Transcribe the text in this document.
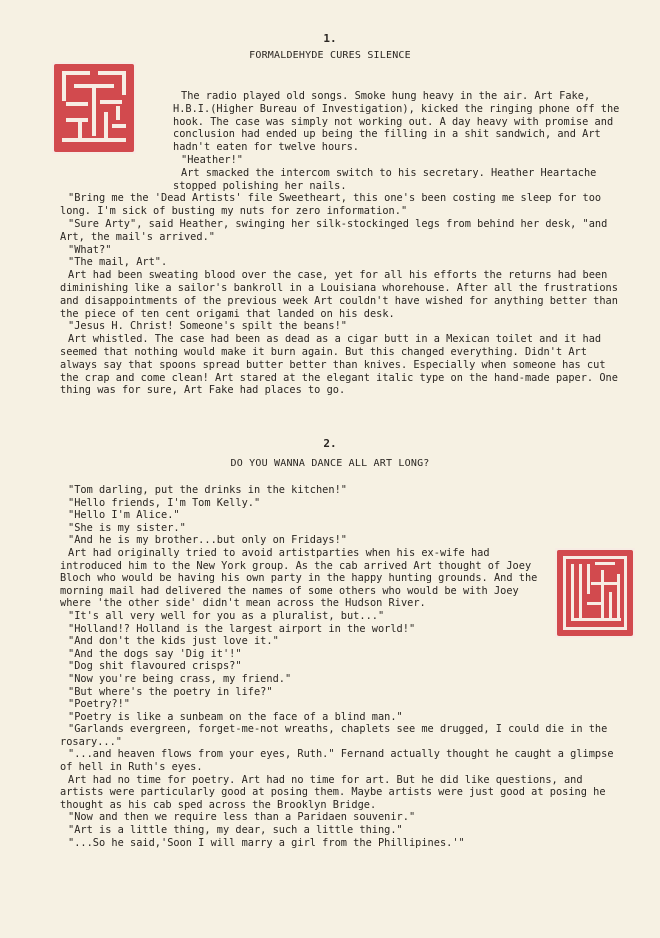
1.
FORMALDEHYDE CURES SILENCE

The radio played old songs. Smoke hung heavy in the air. Art Fake, H.B.I.(Higher Bureau of Investigation), kicked the ringing phone off the hook. The case was simply not working out. A day heavy with promise and conclusion had ended up being the filling in a shit sandwich, and Art hadn't eaten for twelve hours.

"Heather!"

Art smacked the intercom switch to his secretary. Heather Heartache stopped polishing her nails.

"Bring me the 'Dead Artists' file Sweetheart, this one's been costing me sleep for too long. I'm sick of busting my nuts for zero information."

"Sure Arty", said Heather, swinging her silk-stockinged legs from behind her desk, "and Art, the mail's arrived."

"What?"

"The mail, Art".

Art had been sweating blood over the case, yet for all his efforts the returns had been diminishing like a sailor's bankroll in a Louisiana whorehouse. After all the frustrations and disappointments of the previous week Art couldn't have wished for anything better than the piece of ten cent origami that landed on his desk.

"Jesus H. Christ! Someone's spilt the beans!"

Art whistled. The case had been as dead as a cigar butt in a Mexican toilet and it had seemed that nothing would make it burn again. But this changed everything. Didn't Art always say that spoons spread butter better than knives. Especially when someone has cut the crap and come clean! Art stared at the elegant italic type on the hand-made paper. One thing was for sure, Art Fake had places to go.

2.
DO YOU WANNA DANCE ALL ART LONG?

"Tom darling, put the drinks in the kitchen!"

"Hello friends, I'm Tom Kelly."

"Hello I'm Alice."

"She is my sister."

"And he is my brother...but only on Fridays!"

Art had originally tried to avoid artistparties when his ex-wife had introduced him to the New York group. As the cab arrived Art thought of Joey Bloch who would be having his own party in the happy hunting grounds. And the morning mail had delivered the names of some others who would be with Joey where 'the other side' didn't mean across the Hudson River.

"It's all very well for you as a pluralist, but..."

"Holland!? Holland is the largest airport in the world!"

"And don't the kids just love it."

"And the dogs say 'Dig it'!"

"Dog shit flavoured crisps?"

"Now you're being crass, my friend."

"But where's the poetry in life?"

"Poetry?!"

"Poetry is like a sunbeam on the face of a blind man."

"Garlands evergreen, forget-me-not wreaths, chaplets see me drugged, I could die in the rosary..."

"...and heaven flows from your eyes, Ruth." Fernand actually thought he caught a glimpse of hell in Ruth's eyes.

Art had no time for poetry. Art had no time for art. But he did like questions, and artists were particularly good at posing them. Maybe artists were just good at posing he thought as his cab sped across the Brooklyn Bridge.

"Now and then we require less than a Paridaen souvenir."

"Art is a little thing, my dear, such a little thing."

"...So he said,'Soon I will marry a girl from the Phillipines.'"
